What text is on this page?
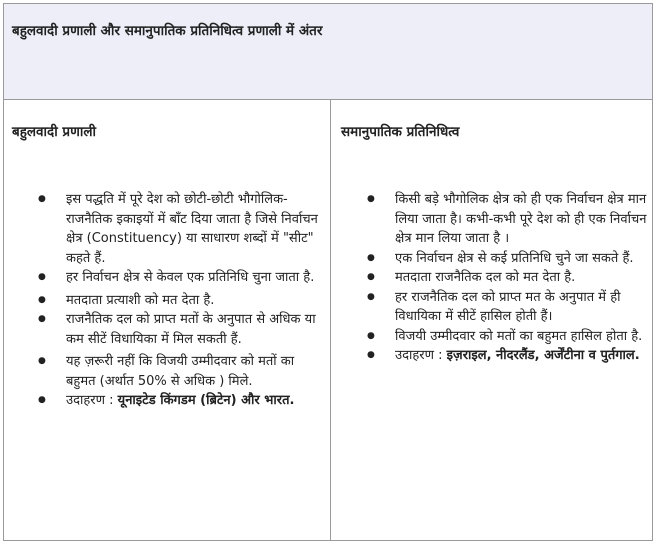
बहुलवादी प्रणाली और समानुपातिक प्रतिनिधित्व प्रणाली में अंतर
बहुलवादी प्रणाली
● इस पद्धति में पूरे देश को छोटी-छोटी भौगोलिक-राजनैतिक इकाइयों में बाँट दिया जाता है जिसे निर्वाचन क्षेत्र (Constituency) या साधारण शब्दों में "सीट" कहते हैं.
● हर निर्वाचन क्षेत्र से केवल एक प्रतिनिधि चुना जाता है.
● मतदाता प्रत्याशी को मत देता है.
● राजनैतिक दल को प्राप्त मतों के अनुपात से अधिक या कम सीटें विधायिका में मिल सकती हैं.
● यह ज़रूरी नहीं कि विजयी उम्मीदवार को मतों का बहुमत (अर्थात 50% से अधिक ) मिले.
● उदाहरण : यूनाइटेड किंगडम (ब्रिटेन) और भारत.
समानुपातिक प्रतिनिधित्व
● किसी बड़े भौगोलिक क्षेत्र को ही एक निर्वाचन क्षेत्र मान लिया जाता है। कभी-कभी पूरे देश को ही एक निर्वाचन क्षेत्र मान लिया जाता है ।
● एक निर्वाचन क्षेत्र से कई प्रतिनिधि चुने जा सकते हैं.
● मतदाता राजनैतिक दल को मत देता है.
● हर राजनैतिक दल को प्राप्त मत के अनुपात में ही विधायिका में सीटें हासिल होती हैं।
● विजयी उम्मीदवार को मतों का बहुमत हासिल होता है.
● उदाहरण : इज़राइल, नीदरलैंड, अर्जेंटीना व पुर्तगाल.
